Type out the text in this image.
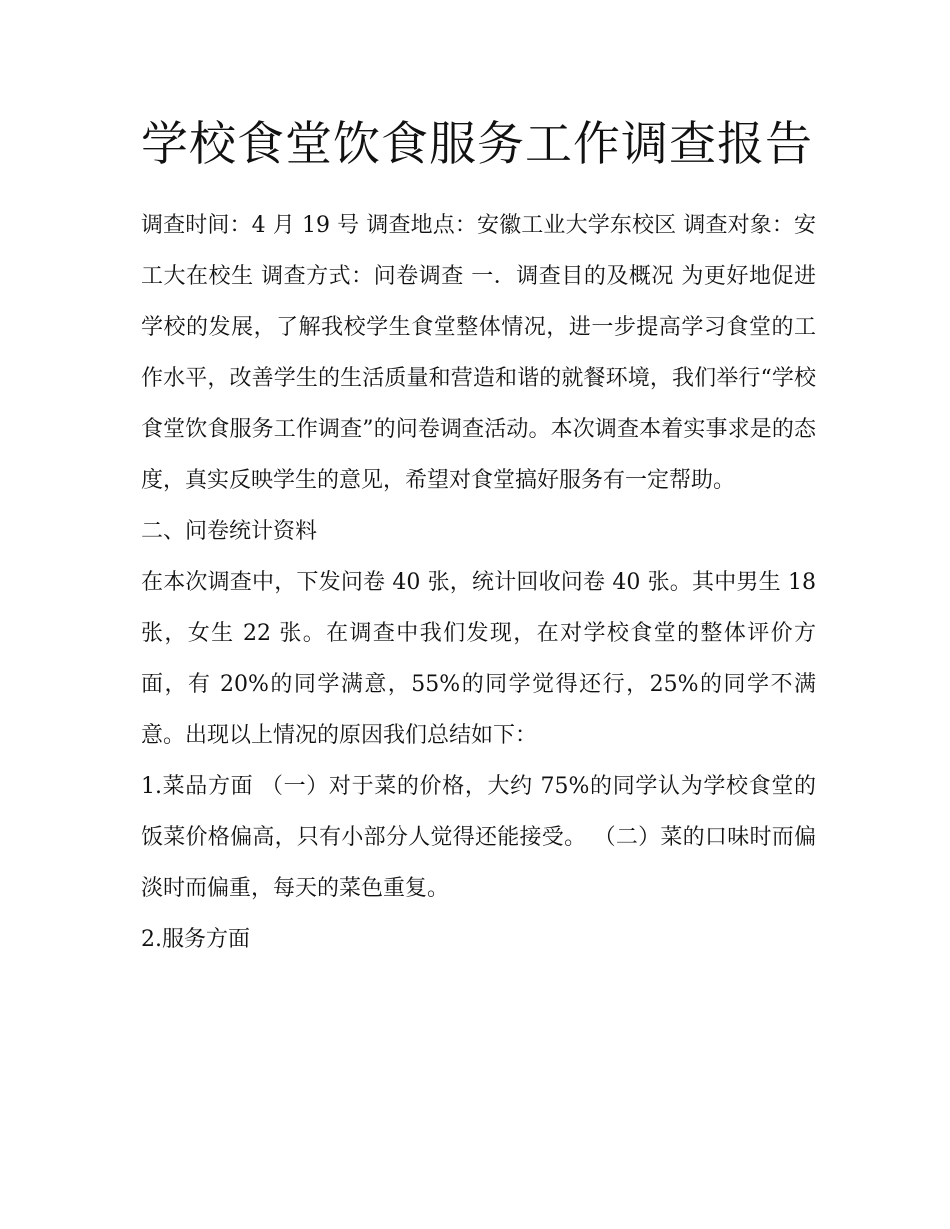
学校食堂饮食服务工作调查报告

调查时间：4 月 19 号 调查地点：安徽工业大学东校区 调查对象：安工大在校生 调查方式：问卷调查 一．调查目的及概况 为更好地促进学校的发展，了解我校学生食堂整体情况，进一步提高学习食堂的工作水平，改善学生的生活质量和营造和谐的就餐环境，我们举行“学校食堂饮食服务工作调查”的问卷调查活动。本次调查本着实事求是的态度，真实反映学生的意见，希望对食堂搞好服务有一定帮助。

二、问卷统计资料

在本次调查中，下发问卷 40 张，统计回收问卷 40 张。其中男生 18 张，女生 22 张。在调查中我们发现，在对学校食堂的整体评价方面，有 20%的同学满意，55%的同学觉得还行，25%的同学不满意。出现以上情况的原因我们总结如下：

1.菜品方面 （一）对于菜的价格，大约 75%的同学认为学校食堂的饭菜价格偏高，只有小部分人觉得还能接受。 （二）菜的口味时而偏淡时而偏重，每天的菜色重复。

2.服务方面
